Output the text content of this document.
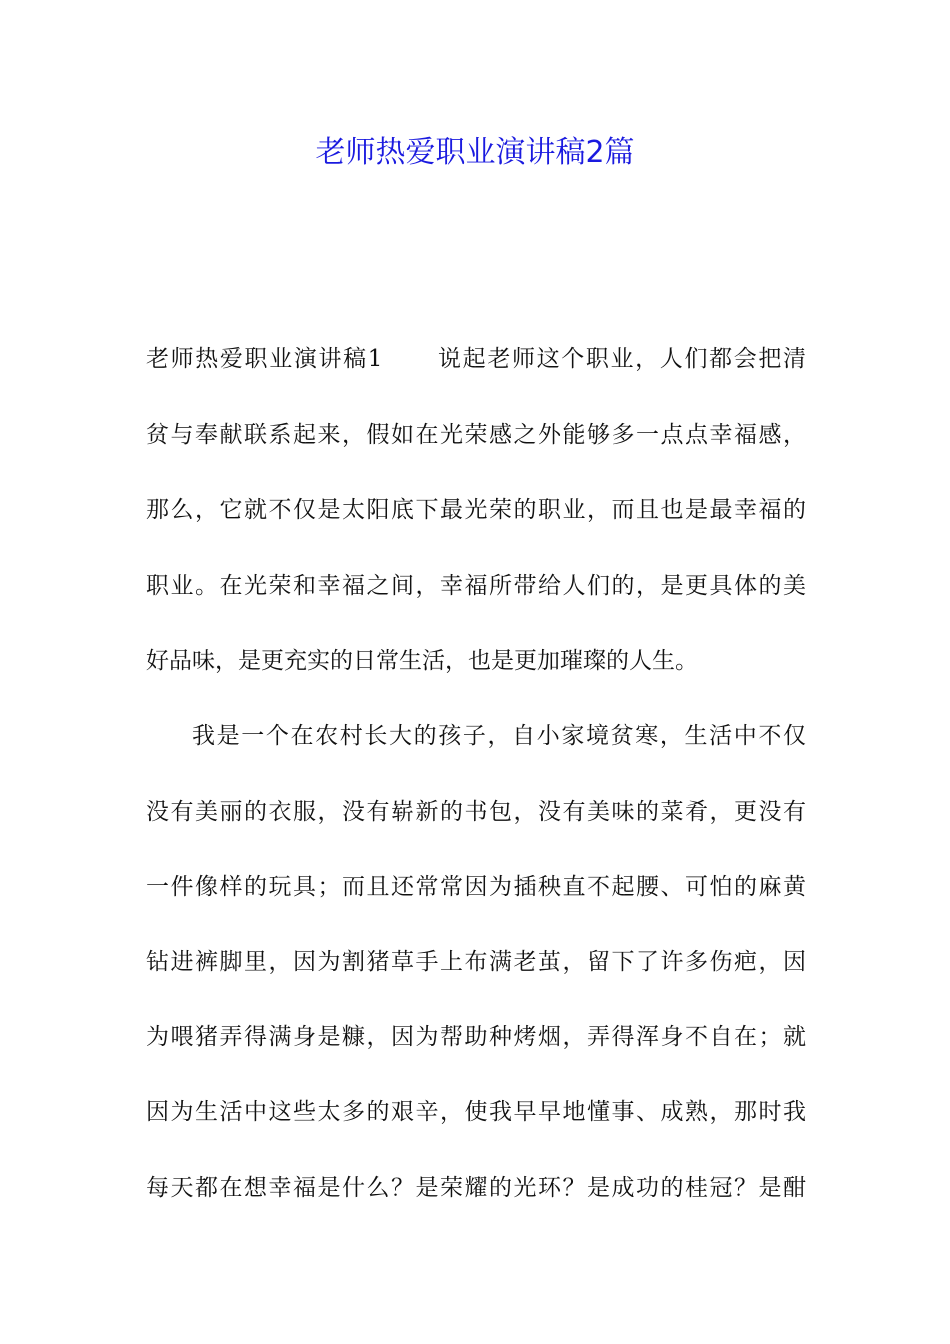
老师热爱职业演讲稿2篇

老师热爱职业演讲稿1 说起老师这个职业，人们都会把清

贫与奉献联系起来，假如在光荣感之外能够多一点点幸福感，

那么，它就不仅是太阳底下最光荣的职业，而且也是最幸福的

职业。在光荣和幸福之间，幸福所带给人们的，是更具体的美

好品味，是更充实的日常生活，也是更加璀璨的人生。

我是一个在农村长大的孩子，自小家境贫寒，生活中不仅

没有美丽的衣服，没有崭新的书包，没有美味的菜肴，更没有

一件像样的玩具；而且还常常因为插秧直不起腰、可怕的麻黄

钻进裤脚里，因为割猪草手上布满老茧，留下了许多伤疤，因

为喂猪弄得满身是糠，因为帮助种烤烟，弄得浑身不自在；就

因为生活中这些太多的艰辛，使我早早地懂事、成熟，那时我

每天都在想幸福是什么？是荣耀的光环？是成功的桂冠？是酣
